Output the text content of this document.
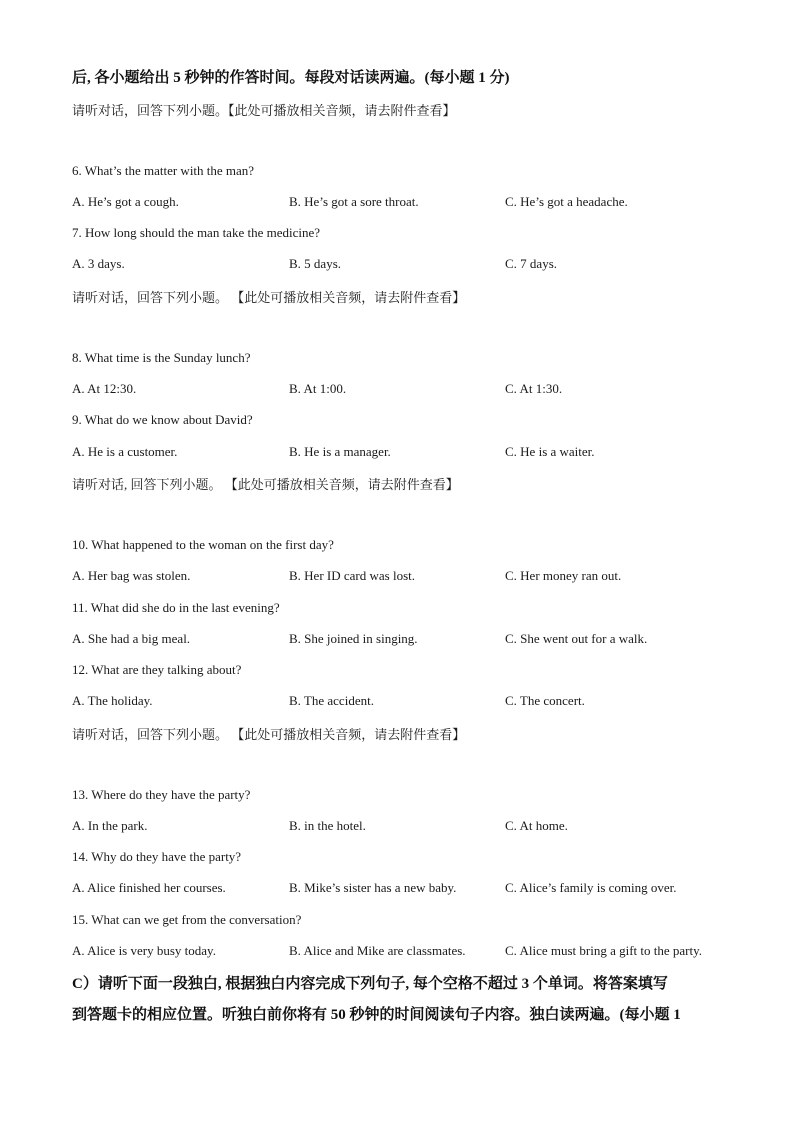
后, 各小题给出 5 秒钟的作答时间。每段对话读两遍。(每小题 1 分)
请听对话，回答下列小题。【此处可播放相关音频，请去附件查看】
6. What’s the matter with the man?
A. He’s got a cough.	B. He’s got a sore throat.	C. He’s got a headache.
7. How long should the man take the medicine?
A. 3 days.	B. 5 days.	C. 7 days.
请听对话，回答下列小题。 【此处可播放相关音频，请去附件查看】
8. What time is the Sunday lunch?
A. At 12:30.	B. At 1:00.	C. At 1:30.
9. What do we know about David?
A. He is a customer.	B. He is a manager.	C. He is a waiter.
请听对话, 回答下列小题。 【此处可播放相关音频，请去附件查看】
10. What happened to the woman on the first day?
A. Her bag was stolen.	B. Her ID card was lost.	C. Her money ran out.
11. What did she do in the last evening?
A. She had a big meal.	B. She joined in singing.	C. She went out for a walk.
12. What are they talking about?
A. The holiday.	B. The accident.	C. The concert.
请听对话，回答下列小题。 【此处可播放相关音频，请去附件查看】
13. Where do they have the party?
A. In the park.	B. in the hotel.	C. At home.
14. Why do they have the party?
A. Alice finished her courses.	B. Mike’s sister has a new baby.	C. Alice’s family is coming over.
15. What can we get from the conversation?
A. Alice is very busy today.	B. Alice and Mike are classmates.	C. Alice must bring a gift to the party.
C）请听下面一段独白, 根据独白内容完成下列句子, 每个空格不超过 3 个单词。将答案填写
到答题卡的相应位置。听独白前你将有 50 秒钟的时间阅读句子内容。独白读两遍。(每小题 1
